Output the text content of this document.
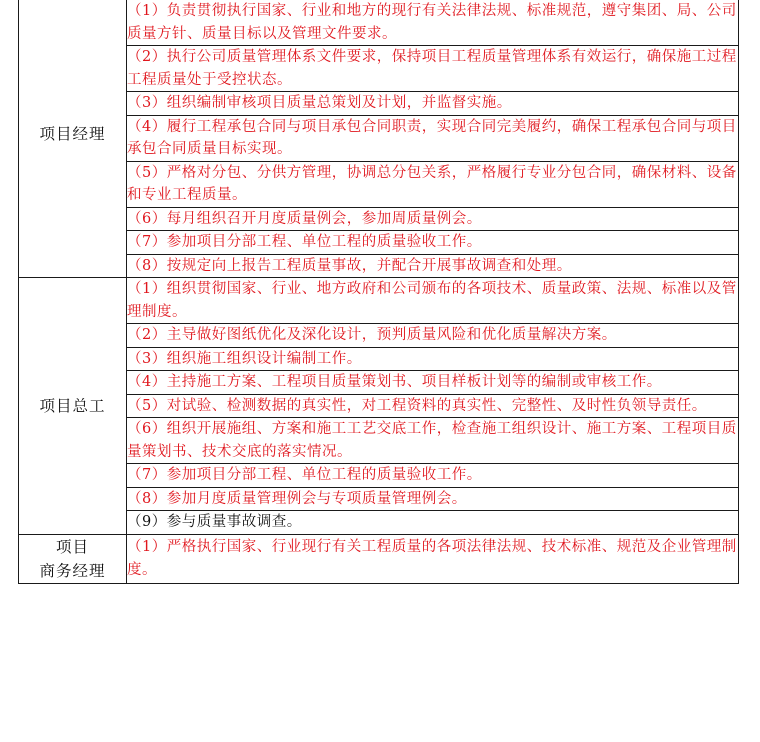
项目经理

	（1）负责贯彻执行国家、行业和地方的现行有关法律法规、标准规范，遵守集团、局、公司质量方针、质量目标以及管理文件要求。
	（2）执行公司质量管理体系文件要求，保持项目工程质量管理体系有效运行，确保施工过程工程质量处于受控状态。
	（3）组织编制审核项目质量总策划及计划，并监督实施。
	（4）履行工程承包合同与项目承包合同职责，实现合同完美履约，确保工程承包合同与项目承包合同质量目标实现。
	（5）严格对分包、分供方管理，协调总分包关系，严格履行专业分包合同，确保材料、设备和专业工程质量。
	（6）每月组织召开月度质量例会，参加周质量例会。
	（7）参加项目分部工程、单位工程的质量验收工作。
	（8）按规定向上报告工程质量事故，并配合开展事故调查和处理。

项目总工	（1）组织贯彻国家、行业、地方政府和公司颁布的各项技术、质量政策、法规、标准以及管理制度。
	（2）主导做好图纸优化及深化设计，预判质量风险和优化质量解决方案。
	（3）组织施工组织设计编制工作。
	（4）主持施工方案、工程项目质量策划书、项目样板计划等的编制或审核工作。
	（5）对试验、检测数据的真实性，对工程资料的真实性、完整性、及时性负领导责任。
	（6）组织开展施组、方案和施工工艺交底工作，检查施工组织设计、施工方案、工程项目质量策划书、技术交底的落实情况。
	（7）参加项目分部工程、单位工程的质量验收工作。
	（8）参加月度质量管理例会与专项质量管理例会。
	（9）参与质量事故调查。

项目
商务经理	（1）严格执行国家、行业现行有关工程质量的各项法律法规、技术标准、规范及企业管理制度。
